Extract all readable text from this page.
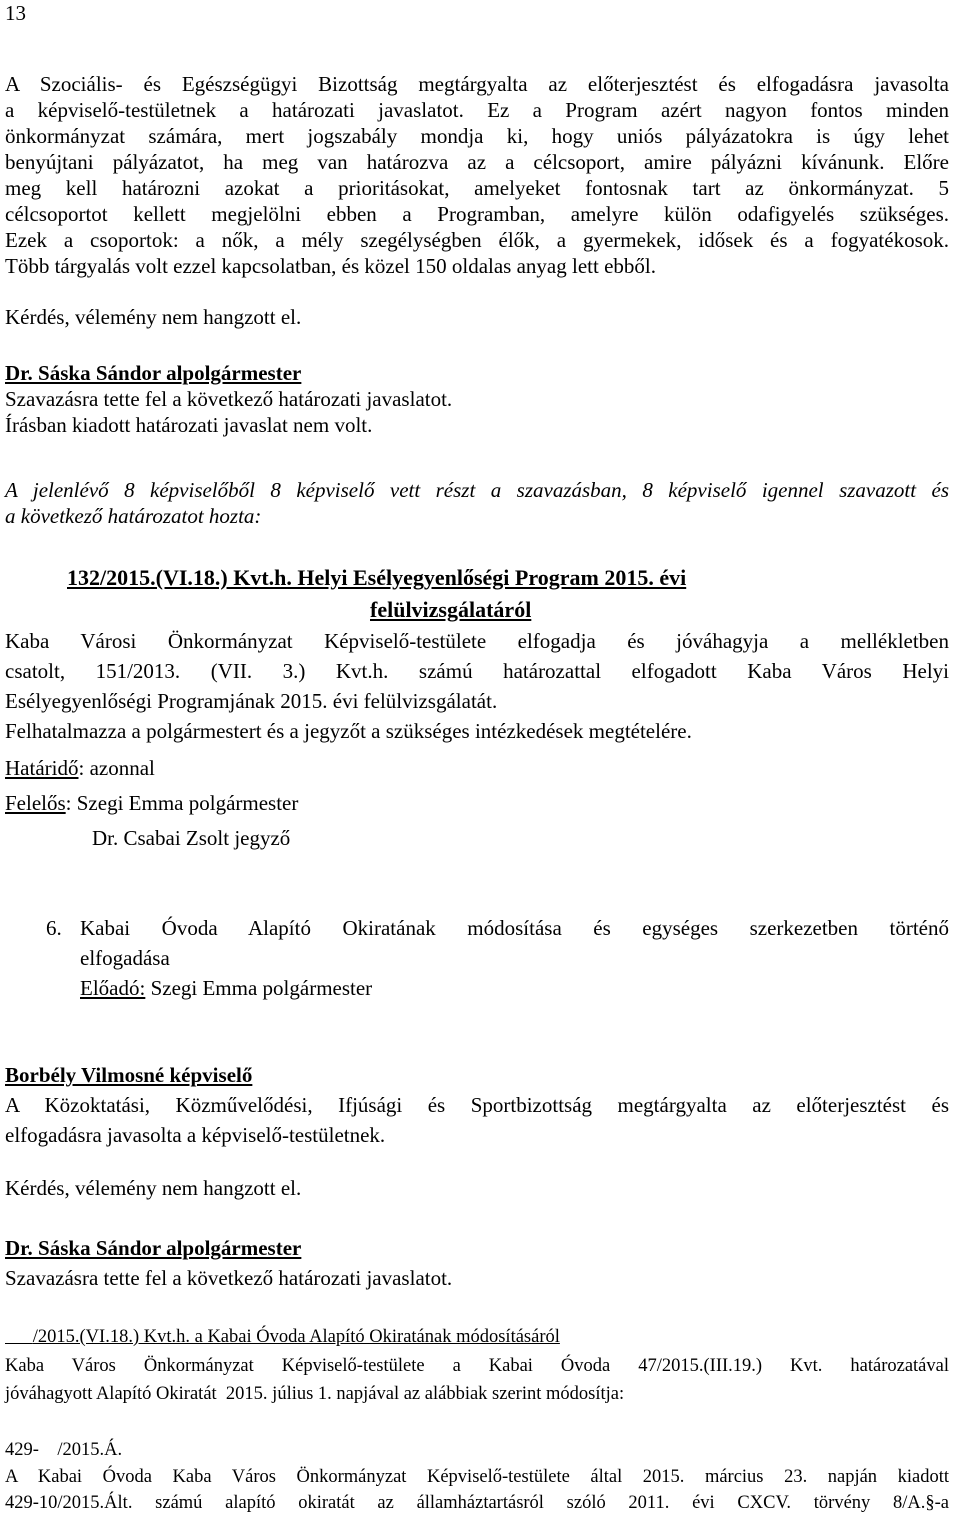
13
A Szociális- és Egészségügyi Bizottság megtárgyalta az előterjesztést és elfogadásra javasolta
a képviselő-testületnek a határozati javaslatot. Ez a Program azért nagyon fontos minden
önkormányzat számára, mert jogszabály mondja ki, hogy uniós pályázatokra is úgy lehet
benyújtani pályázatot, ha meg van határozva az a célcsoport, amire pályázni kívánunk. Előre
meg kell határozni azokat a prioritásokat, amelyeket fontosnak tart az önkormányzat. 5
célcsoportot kellett megjelölni ebben a Programban, amelyre külön odafigyelés szükséges.
Ezek a csoportok: a nők, a mély szegélységben élők, a gyermekek, idősek és a fogyatékosok.
Több tárgyalás volt ezzel kapcsolatban, és közel 150 oldalas anyag lett ebből.
Kérdés, vélemény nem hangzott el.
Dr. Sáska Sándor alpolgármester
Szavazásra tette fel a következő határozati javaslatot.
Írásban kiadott határozati javaslat nem volt.
A jelenlévő 8 képviselőből 8 képviselő vett részt a szavazásban, 8 képviselő igennel szavazott és
a következő határozatot hozta:
132/2015.(VI.18.) Kvt.h. Helyi Esélyegyenlőségi Program 2015. évi
felülvizsgálatáról
Kaba Városi Önkormányzat Képviselő-testülete elfogadja és jóváhagyja a mellékletben
csatolt, 151/2013. (VII. 3.) Kvt.h. számú határozattal elfogadott Kaba Város Helyi
Esélyegyenlőségi Programjának 2015. évi felülvizsgálatát.
Felhatalmazza a polgármestert és a jegyzőt a szükséges intézkedések megtételére.
Határidő: azonnal
Felelős: Szegi Emma polgármester
Dr. Csabai Zsolt jegyző
6. Kabai Óvoda Alapító Okiratának módosítása és egységes szerkezetben történő
elfogadása
Előadó: Szegi Emma polgármester
Borbély Vilmosné képviselő
A Közoktatási, Közművelődési, Ifjúsági és Sportbizottság megtárgyalta az előterjesztést és
elfogadásra javasolta a képviselő-testületnek.
Kérdés, vélemény nem hangzott el.
Dr. Sáska Sándor alpolgármester
Szavazásra tette fel a következő határozati javaslatot.
/2015.(VI.18.) Kvt.h. a Kabai Óvoda Alapító Okiratának módosításáról
Kaba Város Önkormányzat Képviselő-testülete a Kabai Óvoda 47/2015.(III.19.) Kvt. határozatával
jóváhagyott Alapító Okiratát  2015. július 1. napjával az alábbiak szerint módosítja:
429-    /2015.Á.
A Kabai Óvoda Kaba Város Önkormányzat Képviselő-testülete által 2015. március 23. napján kiadott
429-10/2015.Ált. számú alapító okiratát az államháztartásról szóló 2011. évi CXCV. törvény 8/A.§-a
